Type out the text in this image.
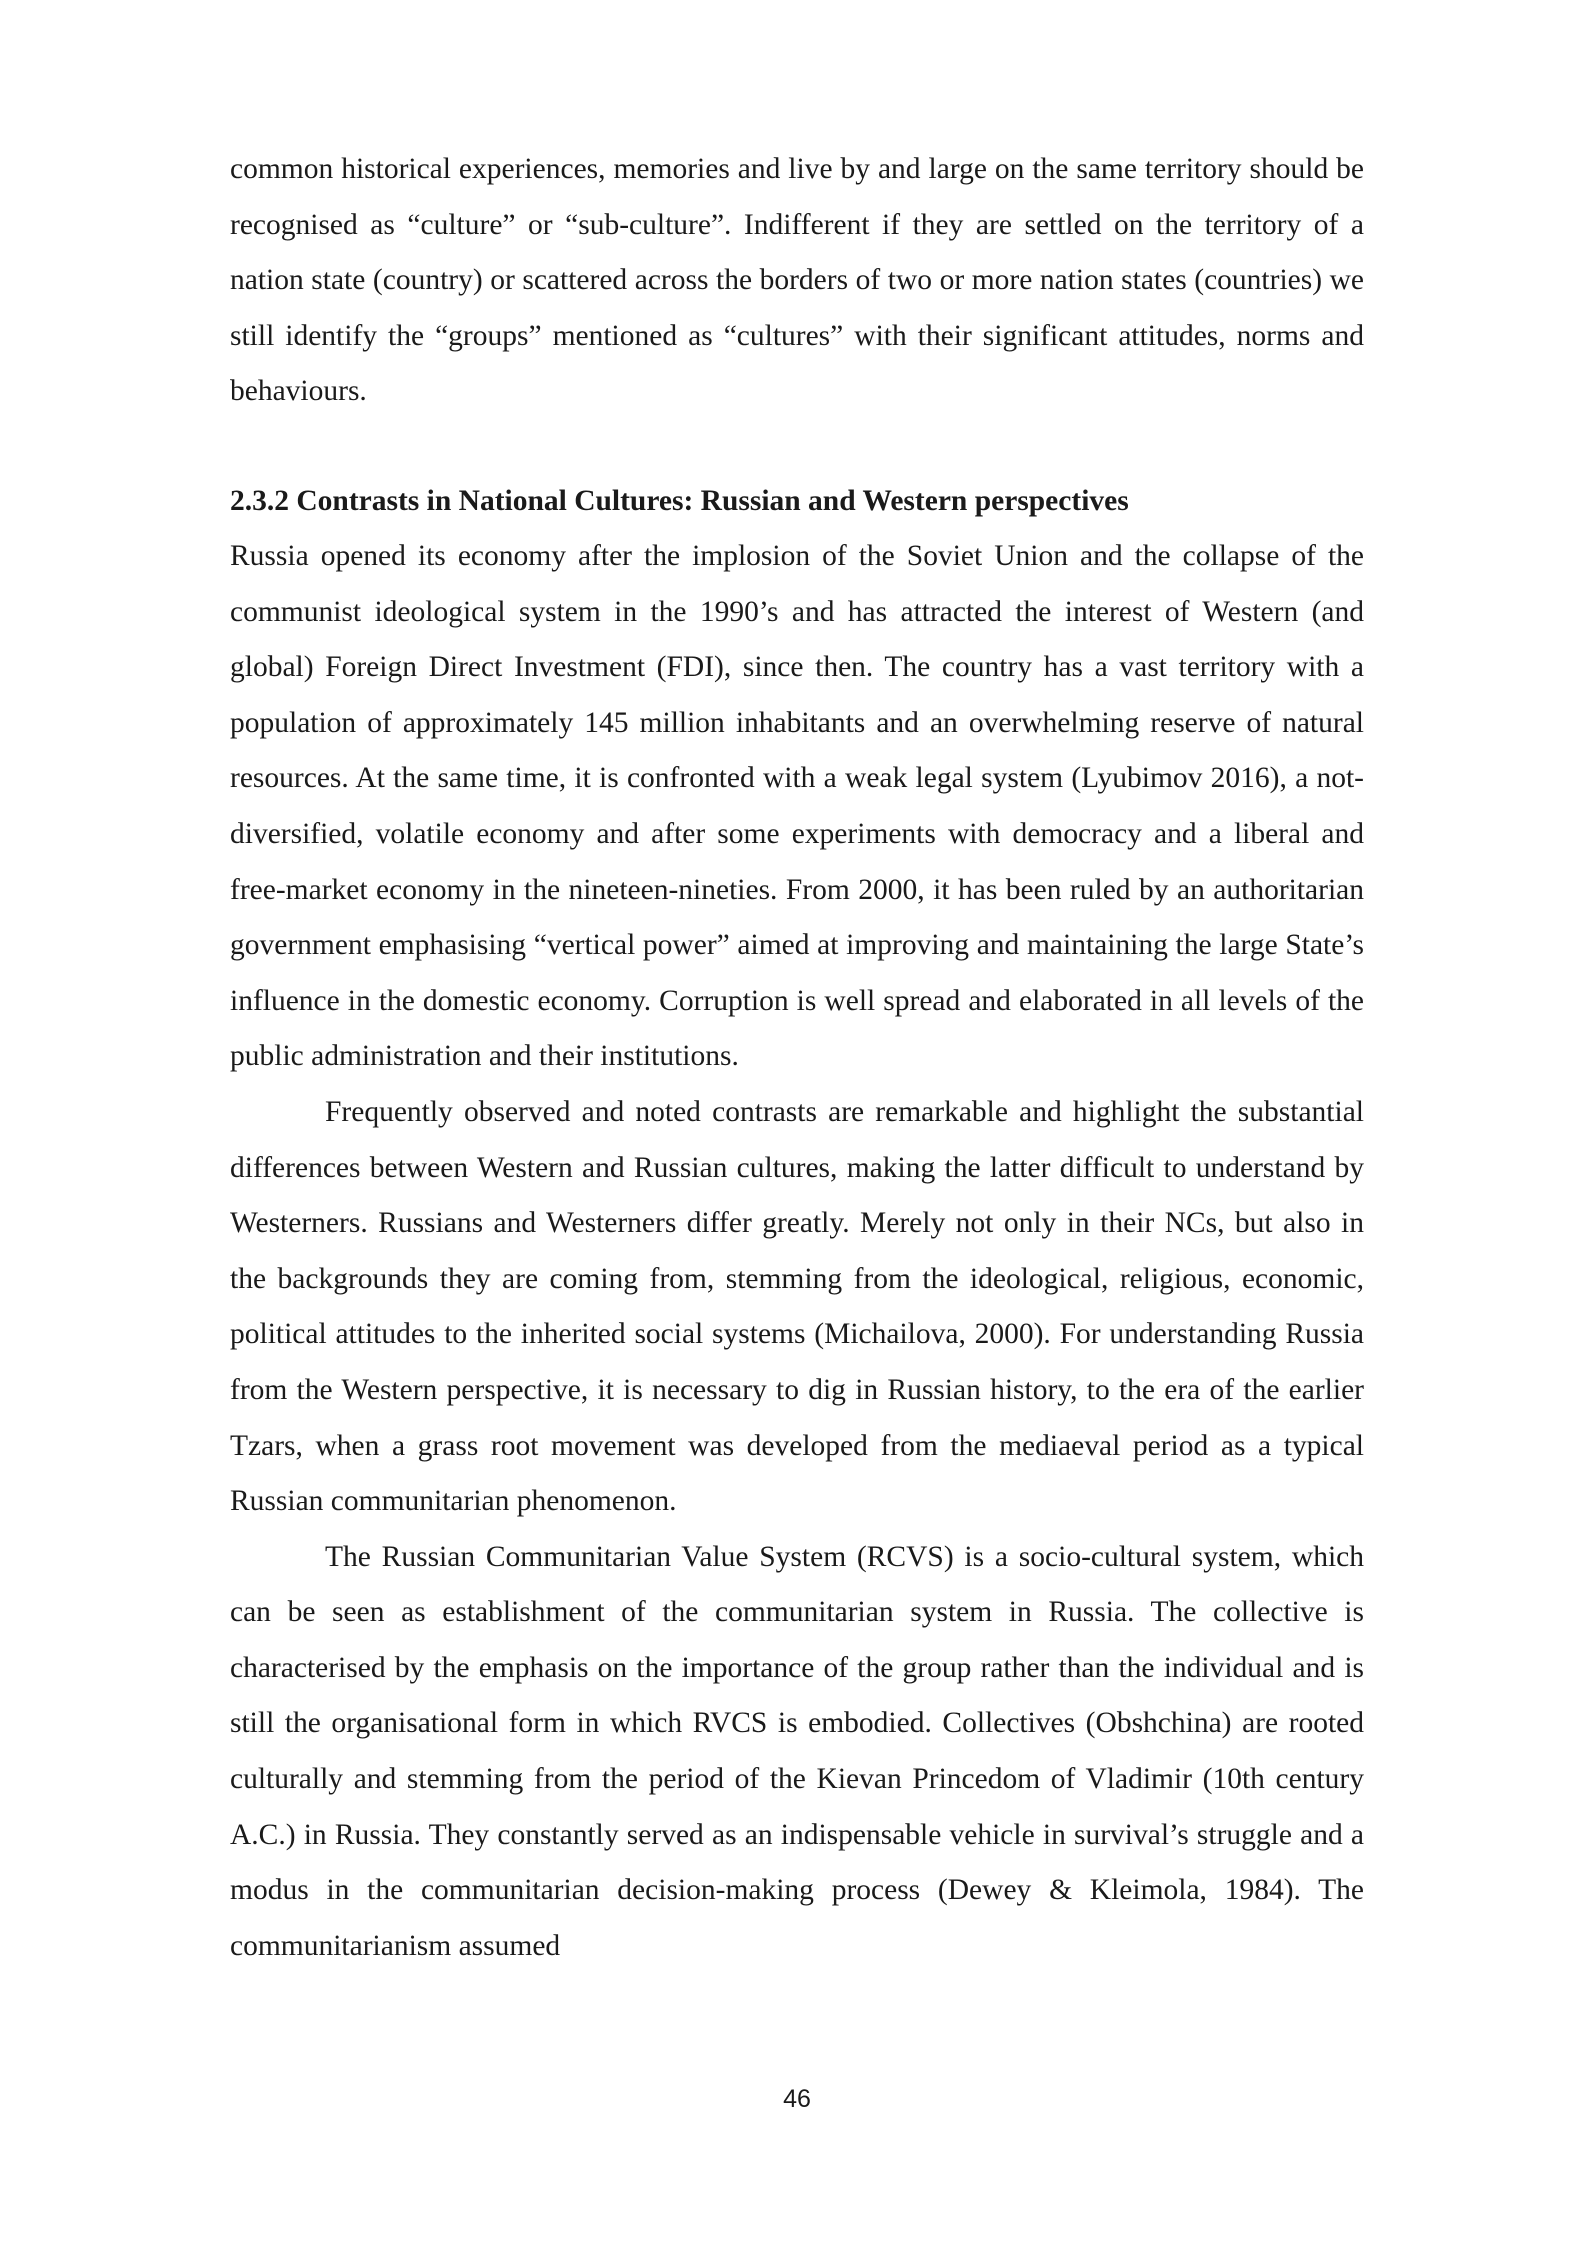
common historical experiences, memories and live by and large on the same territory should be recognised as “culture” or “sub-culture”. Indifferent if they are settled on the territory of a nation state (country) or scattered across the borders of two or more nation states (countries) we still identify the “groups” mentioned as “cultures” with their significant attitudes, norms and behaviours.

2.3.2 Contrasts in National Cultures: Russian and Western perspectives

Russia opened its economy after the implosion of the Soviet Union and the collapse of the communist ideological system in the 1990’s and has attracted the interest of Western (and global) Foreign Direct Investment (FDI), since then. The country has a vast territory with a population of approximately 145 million inhabitants and an overwhelming reserve of natural resources. At the same time, it is confronted with a weak legal system (Lyubimov 2016), a not-diversified, volatile economy and after some experiments with democracy and a liberal and free-market economy in the nineteen-nineties. From 2000, it has been ruled by an authoritarian government emphasising “vertical power” aimed at improving and maintaining the large State’s influence in the domestic economy. Corruption is well spread and elaborated in all levels of the public administration and their institutions.

Frequently observed and noted contrasts are remarkable and highlight the substantial differences between Western and Russian cultures, making the latter difficult to understand by Westerners. Russians and Westerners differ greatly. Merely not only in their NCs, but also in the backgrounds they are coming from, stemming from the ideological, religious, economic, political attitudes to the inherited social systems (Michailova, 2000). For understanding Russia from the Western perspective, it is necessary to dig in Russian history, to the era of the earlier Tzars, when a grass root movement was developed from the mediaeval period as a typical Russian communitarian phenomenon.

The Russian Communitarian Value System (RCVS) is a socio-cultural system, which can be seen as establishment of the communitarian system in Russia. The collective is characterised by the emphasis on the importance of the group rather than the individual and is still the organisational form in which RVCS is embodied. Collectives (Obshchina) are rooted culturally and stemming from the period of the Kievan Princedom of Vladimir (10th century A.C.) in Russia. They constantly served as an indispensable vehicle in survival’s struggle and a modus in the communitarian decision-making process (Dewey & Kleimola, 1984). The communitarianism assumed

46
